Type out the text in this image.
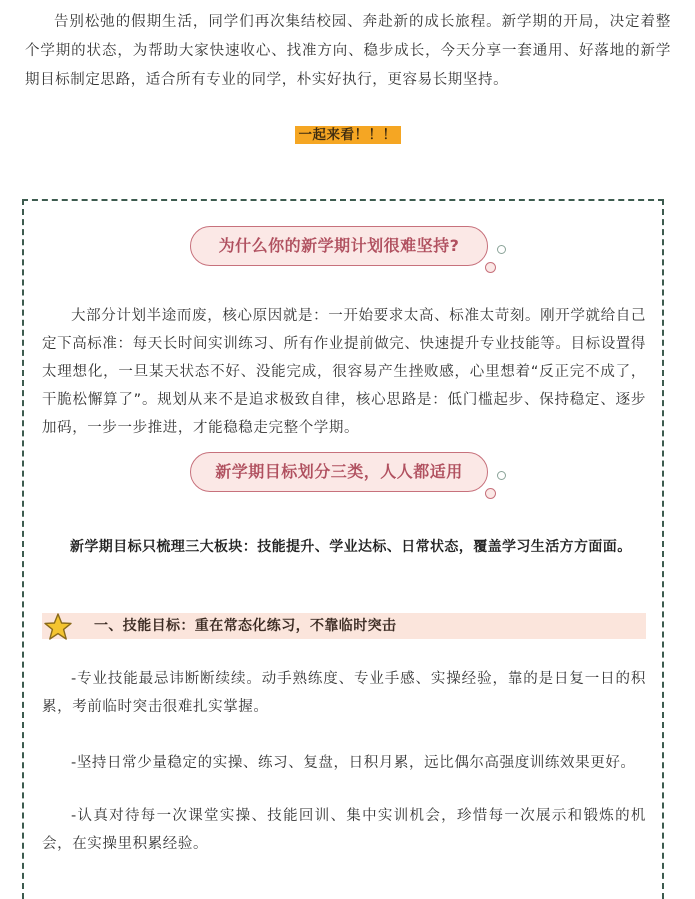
告别松弛的假期生活，同学们再次集结校园、奔赴新的成长旅程。新学期的开局，决定着整个学期的状态，为帮助大家快速收心、找准方向、稳步成长，今天分享一套通用、好落地的新学期目标制定思路，适合所有专业的同学，朴实好执行，更容易长期坚持。

一起来看！！！
为什么你的新学期计划很难坚持?

大部分计划半途而废，核心原因就是：一开始要求太高、标准太苛刻。刚开学就给自己定下高标准：每天长时间实训练习、所有作业提前做完、快速提升专业技能等。目标设置得太理想化，一旦某天状态不好、没能完成，很容易产生挫败感，心里想着“反正完不成了，干脆松懈算了”。规划从来不是追求极致自律，核心思路是：低门槛起步、保持稳定、逐步加码，一步一步推进，才能稳稳走完整个学期。

新学期目标划分三类，人人都适用

新学期目标只梳理三大板块：技能提升、学业达标、日常状态，覆盖学习生活方方面面。

一、技能目标：重在常态化练习，不靠临时突击

-专业技能最忌讳断断续续。动手熟练度、专业手感、实操经验，靠的是日复一日的积累，考前临时突击很难扎实掌握。

-坚持日常少量稳定的实操、练习、复盘，日积月累，远比偶尔高强度训练效果更好。

-认真对待每一次课堂实操、技能回训、集中实训机会，珍惜每一次展示和锻炼的机会，在实操里积累经验。
